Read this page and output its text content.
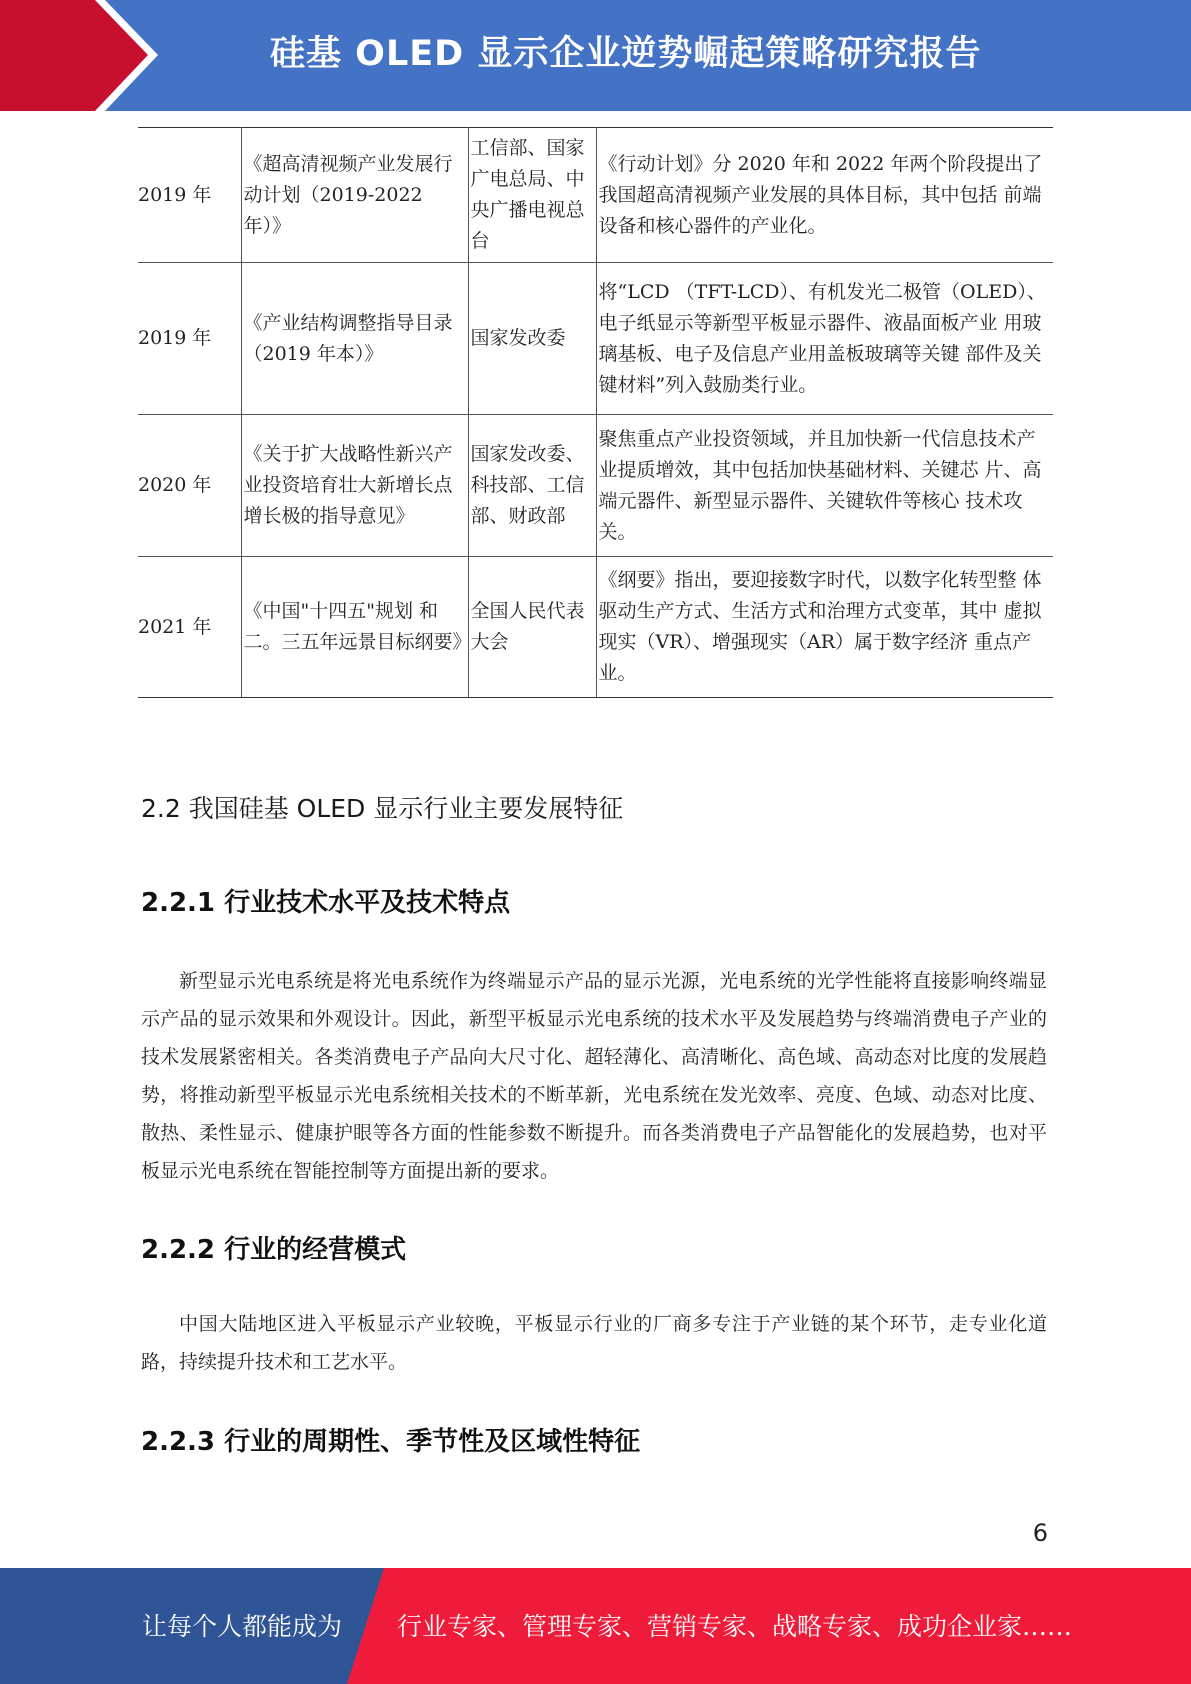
硅基 OLED 显示企业逆势崛起策略研究报告
2019 年	《超高清视频产业发展行动计划（2019-2022 年）》	工信部、国家广电总局、中央广播电视总台	《行动计划》分 2020 年和 2022 年两个阶段提出了 我国超高清视频产业发展的具体目标，其中包括 前端设备和核心器件的产业化。
2019 年	《产业结构调整指导目录（2019 年本）》	国家发改委	将“LCD （TFT-LCD）、有机发光二极管（OLED）、 电子纸显示等新型平板显示器件、液晶面板产业 用玻璃基板、电子及信息产业用盖板玻璃等关键 部件及关键材料”列入鼓励类行业。
2020 年	《关于扩大战略性新兴产业投资培育壮大新增长点增长极的指导意见》	国家发改委、科技部、工信部、财政部	聚焦重点产业投资领域，并且加快新一代信息技术产业提质增效，其中包括加快基础材料、关键芯 片、高端元器件、新型显示器件、关键软件等核心 技术攻关。
2021 年	《中国"十四五"规划 和二。三五年远景目标纲要》	全国人民代表大会	《纲要》指出，要迎接数字时代，以数字化转型整 体驱动生产方式、生活方式和治理方式变革，其中 虚拟现实（VR）、增强现实（AR）属于数字经济 重点产业。
2.2 我国硅基 OLED 显示行业主要发展特征
2.2.1 行业技术水平及技术特点

新型显示光电系统是将光电系统作为终端显示产品的显示光源，光电系统的光学性能将直接影响终端显示产品的显示效果和外观设计。因此，新型平板显示光电系统的技术水平及发展趋势与终端消费电子产业的技术发展紧密相关。各类消费电子产品向大尺寸化、超轻薄化、高清晰化、高色域、高动态对比度的发展趋势，将推动新型平板显示光电系统相关技术的不断革新，光电系统在发光效率、亮度、色域、动态对比度、散热、柔性显示、健康护眼等各方面的性能参数不断提升。而各类消费电子产品智能化的发展趋势，也对平板显示光电系统在智能控制等方面提出新的要求。

2.2.2 行业的经营模式

中国大陆地区进入平板显示产业较晚，平板显示行业的厂商多专注于产业链的某个环节，走专业化道路，持续提升技术和工艺水平。

2.2.3 行业的周期性、季节性及区域性特征
6
让每个人都能成为 行业专家、管理专家、营销专家、战略专家、成功企业家……
